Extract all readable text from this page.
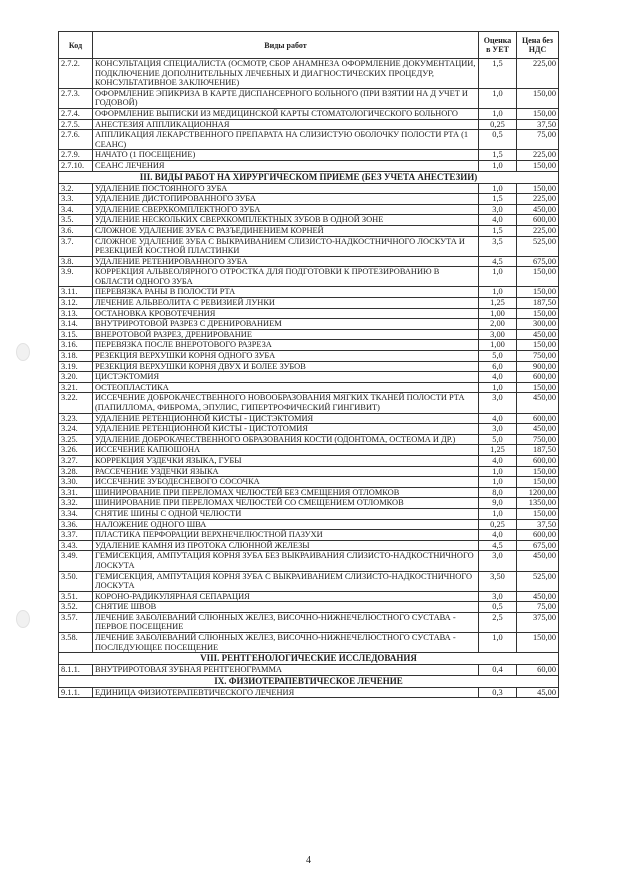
Код	Виды работ	Оценка в УЕТ	Цена без НДС
2.7.2.	КОНСУЛЬТАЦИЯ СПЕЦИАЛИСТА (ОСМОТР, СБОР АНАМНЕЗА ОФОРМЛЕНИЕ ДОКУМЕНТАЦИИ, ПОДКЛЮЧЕНИЕ ДОПОЛНИТЕЛЬНЫХ ЛЕЧЕБНЫХ И ДИАГНОСТИЧЕСКИХ ПРОЦЕДУР, КОНСУЛЬТАТИВНОЕ ЗАКЛЮЧЕНИЕ)	1,5	225,00
2.7.3.	ОФОРМЛЕНИЕ ЭПИКРИЗА В КАРТЕ ДИСПАНСЕРНОГО БОЛЬНОГО (ПРИ ВЗЯТИИ НА Д УЧЕТ И ГОДОВОЙ)	1,0	150,00
2.7.4.	ОФОРМЛЕНИЕ ВЫПИСКИ ИЗ МЕДИЦИНСКОЙ КАРТЫ СТОМАТОЛОГИЧЕСКОГО БОЛЬНОГО	1,0	150,00
2.7.5.	АНЕСТЕЗИЯ АППЛИКАЦИОННАЯ	0,25	37,50
2.7.6.	АППЛИКАЦИЯ ЛЕКАРСТВЕННОГО ПРЕПАРАТА НА СЛИЗИСТУЮ ОБОЛОЧКУ ПОЛОСТИ РТА (1 СЕАНС)	0,5	75,00
2.7.9.	НАЧАТО (1 ПОСЕЩЕНИЕ)	1,5	225,00
2.7.10.	СЕАНС ЛЕЧЕНИЯ	1,0	150,00
III. ВИДЫ РАБОТ НА ХИРУРГИЧЕСКОМ ПРИЕМЕ (БЕЗ УЧЕТА АНЕСТЕЗИИ)			
3.2.	УДАЛЕНИЕ ПОСТОЯННОГО ЗУБА	1,0	150,00
3.3.	УДАЛЕНИЕ ДИСТОПИРОВАННОГО ЗУБА	1,5	225,00
3.4.	УДАЛЕНИЕ СВЕРХКОМПЛЕКТНОГО ЗУБА	3,0	450,00
3.5.	УДАЛЕНИЕ НЕСКОЛЬКИХ СВЕРХКОМПЛЕКТНЫХ ЗУБОВ В ОДНОЙ ЗОНЕ	4,0	600,00
3.6.	СЛОЖНОЕ УДАЛЕНИЕ ЗУБА С РАЗЪЕДИНЕНИЕМ КОРНЕЙ	1,5	225,00
3.7.	СЛОЖНОЕ УДАЛЕНИЕ ЗУБА С ВЫКРАИВАНИЕМ СЛИЗИСТО-НАДКОСТНИЧНОГО ЛОСКУТА И РЕЗЕКЦИЕЙ КОСТНОЙ ПЛАСТИНКИ	3,5	525,00
3.8.	УДАЛЕНИЕ РЕТЕНИРОВАННОГО ЗУБА	4,5	675,00
3.9.	КОРРЕКЦИЯ АЛЬВЕОЛЯРНОГО ОТРОСТКА ДЛЯ ПОДГОТОВКИ К ПРОТЕЗИРОВАНИЮ В ОБЛАСТИ ОДНОГО ЗУБА	1,0	150,00
3.11.	ПЕРЕВЯЗКА РАНЫ В ПОЛОСТИ РТА	1,0	150,00
3.12.	ЛЕЧЕНИЕ АЛЬВЕОЛИТА С РЕВИЗИЕЙ ЛУНКИ	1,25	187,50
3.13.	ОСТАНОВКА КРОВОТЕЧЕНИЯ	1,00	150,00
3.14.	ВНУТРИРОТОВОЙ РАЗРЕЗ С ДРЕНИРОВАНИЕМ	2,00	300,00
3.15.	ВНЕРОТОВОЙ РАЗРЕЗ, ДРЕНИРОВАНИЕ	3,00	450,00
3.16.	ПЕРЕВЯЗКА ПОСЛЕ ВНЕРОТОВОГО РАЗРЕЗА	1,00	150,00
3.18.	РЕЗЕКЦИЯ ВЕРХУШКИ КОРНЯ ОДНОГО ЗУБА	5,0	750,00
3.19.	РЕЗЕКЦИЯ ВЕРХУШКИ КОРНЯ ДВУХ И БОЛЕЕ ЗУБОВ	6,0	900,00
3.20.	ЦИСТЭКТОМИЯ	4,0	600,00
3.21.	ОСТЕОПЛАСТИКА	1,0	150,00
3.22.	ИССЕЧЕНИЕ ДОБРОКАЧЕСТВЕННОГО НОВООБРАЗОВАНИЯ МЯГКИХ ТКАНЕЙ ПОЛОСТИ РТА (ПАПИЛЛОМА, ФИБРОМА, ЭПУЛИС, ГИПЕРТРОФИЧЕСКИЙ ГИНГИВИТ)	3,0	450,00
3.23.	УДАЛЕНИЕ РЕТЕНЦИОННОЙ КИСТЫ - ЦИСТЭКТОМИЯ	4,0	600,00
3.24.	УДАЛЕНИЕ РЕТЕНЦИОННОЙ КИСТЫ - ЦИСТОТОМИЯ	3,0	450,00
3.25.	УДАЛЕНИЕ ДОБРОКАЧЕСТВЕННОГО ОБРАЗОВАНИЯ КОСТИ (ОДОНТОМА, ОСТЕОМА И ДР.)	5,0	750,00
3.26.	ИССЕЧЕНИЕ КАПЮШОНА	1,25	187,50
3.27.	КОРРЕКЦИЯ УЗДЕЧКИ ЯЗЫКА, ГУБЫ	4,0	600,00
3.28.	РАССЕЧЕНИЕ УЗДЕЧКИ ЯЗЫКА	1,0	150,00
3.30.	ИССЕЧЕНИЕ ЗУБОДЕСНЕВОГО СОСОЧКА	1,0	150,00
3.31.	ШИНИРОВАНИЕ ПРИ ПЕРЕЛОМАХ ЧЕЛЮСТЕЙ БЕЗ СМЕЩЕНИЯ ОТЛОМКОВ	8,0	1200,00
3.32.	ШИНИРОВАНИЕ ПРИ ПЕРЕЛОМАХ ЧЕЛЮСТЕЙ СО СМЕЩЕНИЕМ ОТЛОМКОВ	9,0	1350,00
3.34.	СНЯТИЕ ШИНЫ С ОДНОЙ ЧЕЛЮСТИ	1,0	150,00
3.36.	НАЛОЖЕНИЕ ОДНОГО ШВА	0,25	37,50
3.37.	ПЛАСТИКА ПЕРФОРАЦИИ ВЕРХНЕЧЕЛЮСТНОЙ ПАЗУХИ	4,0	600,00
3.43.	УДАЛЕНИЕ КАМНЯ ИЗ ПРОТОКА СЛЮННОЙ ЖЕЛЕЗЫ	4,5	675,00
3.49.	ГЕМИСЕКЦИЯ, АМПУТАЦИЯ КОРНЯ ЗУБА БЕЗ ВЫКРАИВАНИЯ СЛИЗИСТО-НАДКОСТНИЧНОГО ЛОСКУТА	3,0	450,00
3.50.	ГЕМИСЕКЦИЯ, АМПУТАЦИЯ КОРНЯ ЗУБА С ВЫКРАИВАНИЕМ СЛИЗИСТО-НАДКОСТНИЧНОГО ЛОСКУТА	3,50	525,00
3.51.	КОРОНО-РАДИКУЛЯРНАЯ СЕПАРАЦИЯ	3,0	450,00
3.52.	СНЯТИЕ ШВОВ	0,5	75,00
3.57.	ЛЕЧЕНИЕ ЗАБОЛЕВАНИЙ СЛЮННЫХ ЖЕЛЕЗ, ВИСОЧНО-НИЖНЕЧЕЛЮСТНОГО СУСТАВА - ПЕРВОЕ ПОСЕЩЕНИЕ	2,5	375,00
3.58.	ЛЕЧЕНИЕ ЗАБОЛЕВАНИЙ СЛЮННЫХ ЖЕЛЕЗ, ВИСОЧНО-НИЖНЕЧЕЛЮСТНОГО СУСТАВА - ПОСЛЕДУЮЩЕЕ ПОСЕЩЕНИЕ	1,0	150,00
VIII. РЕНТГЕНОЛОГИЧЕСКИЕ ИССЛЕДОВАНИЯ			
8.1.1.	ВНУТРИРОТОВАЯ ЗУБНАЯ РЕНТГЕНОГРАММА	0,4	60,00
IX. ФИЗИОТЕРАПЕВТИЧЕСКОЕ ЛЕЧЕНИЕ			
9.1.1.	ЕДИНИЦА ФИЗИОТЕРАПЕВТИЧЕСКОГО ЛЕЧЕНИЯ	0,3	45,00
4
